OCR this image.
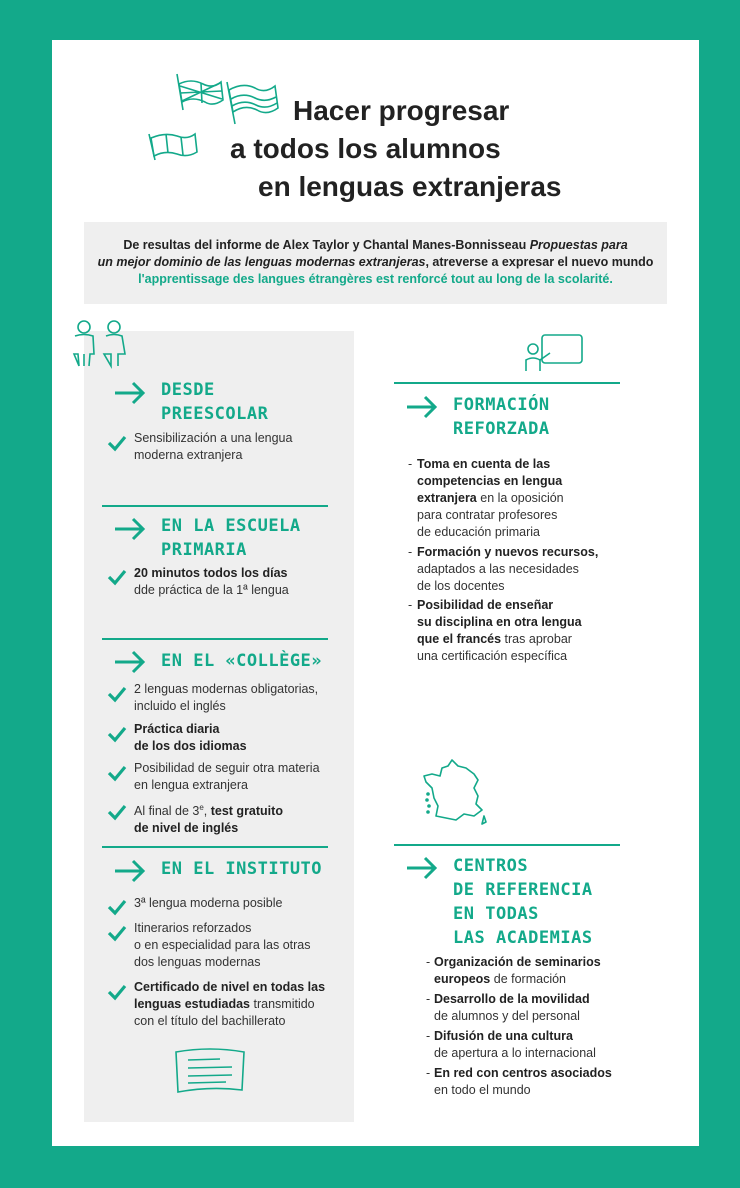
Hacer progresar
a todos los alumnos
en lenguas extranjeras
De resultas del informe de Alex Taylor y Chantal Manes-Bonnisseau Propuestas para
un mejor dominio de las lenguas modernas extranjeras, atreverse a expresar el nuevo mundo
l'apprentissage des langues étrangères est renforcé tout au long de la scolarité.
DESDE
PREESCOLAR
Sensibilización a una lengua
moderna extranjera
EN LA ESCUELA
PRIMARIA
20 minutos todos los días
dde práctica de la 1ª lengua
EN EL «COLLÈGE»
2 lenguas modernas obligatorias,
incluido el inglés
Práctica diaria
de los dos idiomas
Posibilidad de seguir otra materia
en lengua extranjera
Al final de 3e, test gratuito
de nivel de inglés
EN EL INSTITUTO
3ª lengua moderna posible
Itinerarios reforzados
o en especialidad para las otras
dos lenguas modernas
Certificado de nivel en todas las
lenguas estudiadas transmitido
con el título del bachillerato
FORMACIÓN
REFORZADA
- Toma en cuenta de las
competencias en lengua
extranjera en la oposición
para contratar profesores
de educación primaria
- Formación y nuevos recursos,
adaptados a las necesidades
de los docentes
- Posibilidad de enseñar
su disciplina en otra lengua
que el francés tras aprobar
una certificación específica
CENTROS
DE REFERENCIA
EN TODAS
LAS ACADEMIAS
- Organización de seminarios
europeos de formación
- Desarrollo de la movilidad
de alumnos y del personal
- Difusión de una cultura
de apertura a lo internacional
- En red con centros asociados
en todo el mundo
